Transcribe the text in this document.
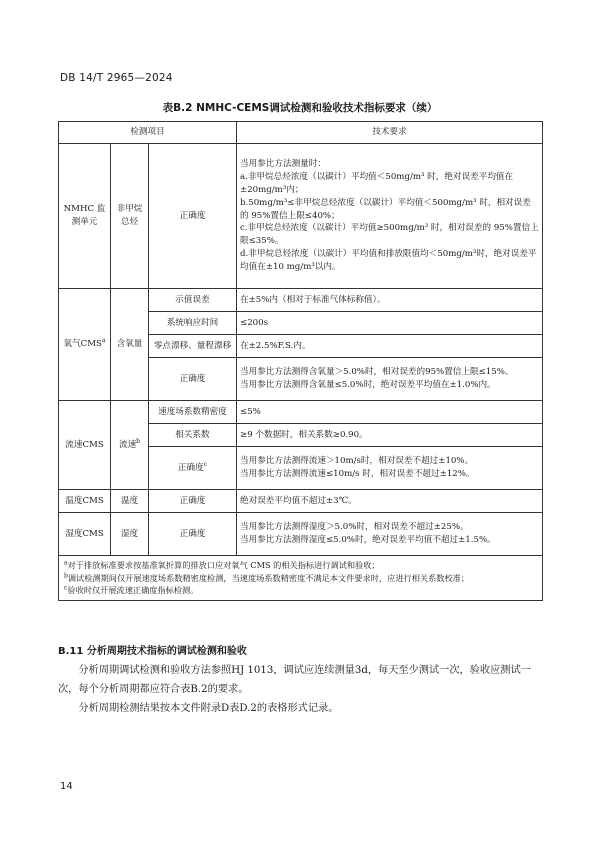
DB 14/T 2965—2024
表B.2 NMHC-CEMS调试检测和验收技术指标要求（续）
检测项目			技术要求
NMHC 监测单元	非甲烷总烃	正确度	当用参比方法测量时：
a.非甲烷总烃浓度（以碳计）平均值＜50mg/m³ 时，绝对误差平均值在±20mg/m³内；
b.50mg/m³≤非甲烷总烃浓度（以碳计）平均值＜500mg/m³ 时，相对误差的 95%置信上限≤40%；
c.非甲烷总烃浓度（以碳计）平均值≥500mg/m³ 时，相对误差的 95%置信上限≤35%。
d.非甲烷总烃浓度（以碳计）平均值和排放限值均＜50mg/m³时，绝对误差平均值在±10 mg/m³以内。

氧气CMS$^a$	含氧量	示值误差	在±5%内（相对于标准气体标称值）。
		系统响应时间	≤200s
		零点漂移、量程漂移	在±2.5%F.S.内。
		正确度	当用参比方法测得含氧量＞5.0%时，相对误差的95%置信上限≤15%。
当用参比方法测得含氧量≤5.0%时，绝对误差平均值在±1.0%内。

流速CMS	流速$^b$	速度场系数精密度	≤5%
		相关系数	≥9 个数据时，相关系数≥0.90。
		正确度$^c$	当用参比方法测得流速＞10m/s时，相对误差不超过±10%。
当用参比方法测得流速≤10m/s 时，相对误差不超过±12%。

温度CMS	温度	正确度	绝对误差平均值不超过±3℃。
湿度CMS	湿度	正确度	当用参比方法测得湿度＞5.0%时，相对误差不超过±25%。
当用参比方法测得湿度≤5.0%时，绝对误差平均值不超过±1.5%。

$^a$对于排放标准要求按基准氧折算的排放口应对氧气 CMS 的相关指标进行调试和验收；
$^b$调试检测期间仅开展速度场系数精密度检测，当速度场系数精密度不满足本文件要求时，应进行相关系数校准；
$^c$验收时仅开展流速正确度指标检测。			
B.11 分析周期技术指标的调试检测和验收
分析周期调试检测和验收方法参照HJ 1013，调试应连续测量3d，每天至少测试一次，验收应测试一次，每个分析周期都应符合表B.2的要求。
分析周期检测结果按本文件附录D表D.2的表格形式记录。
14
